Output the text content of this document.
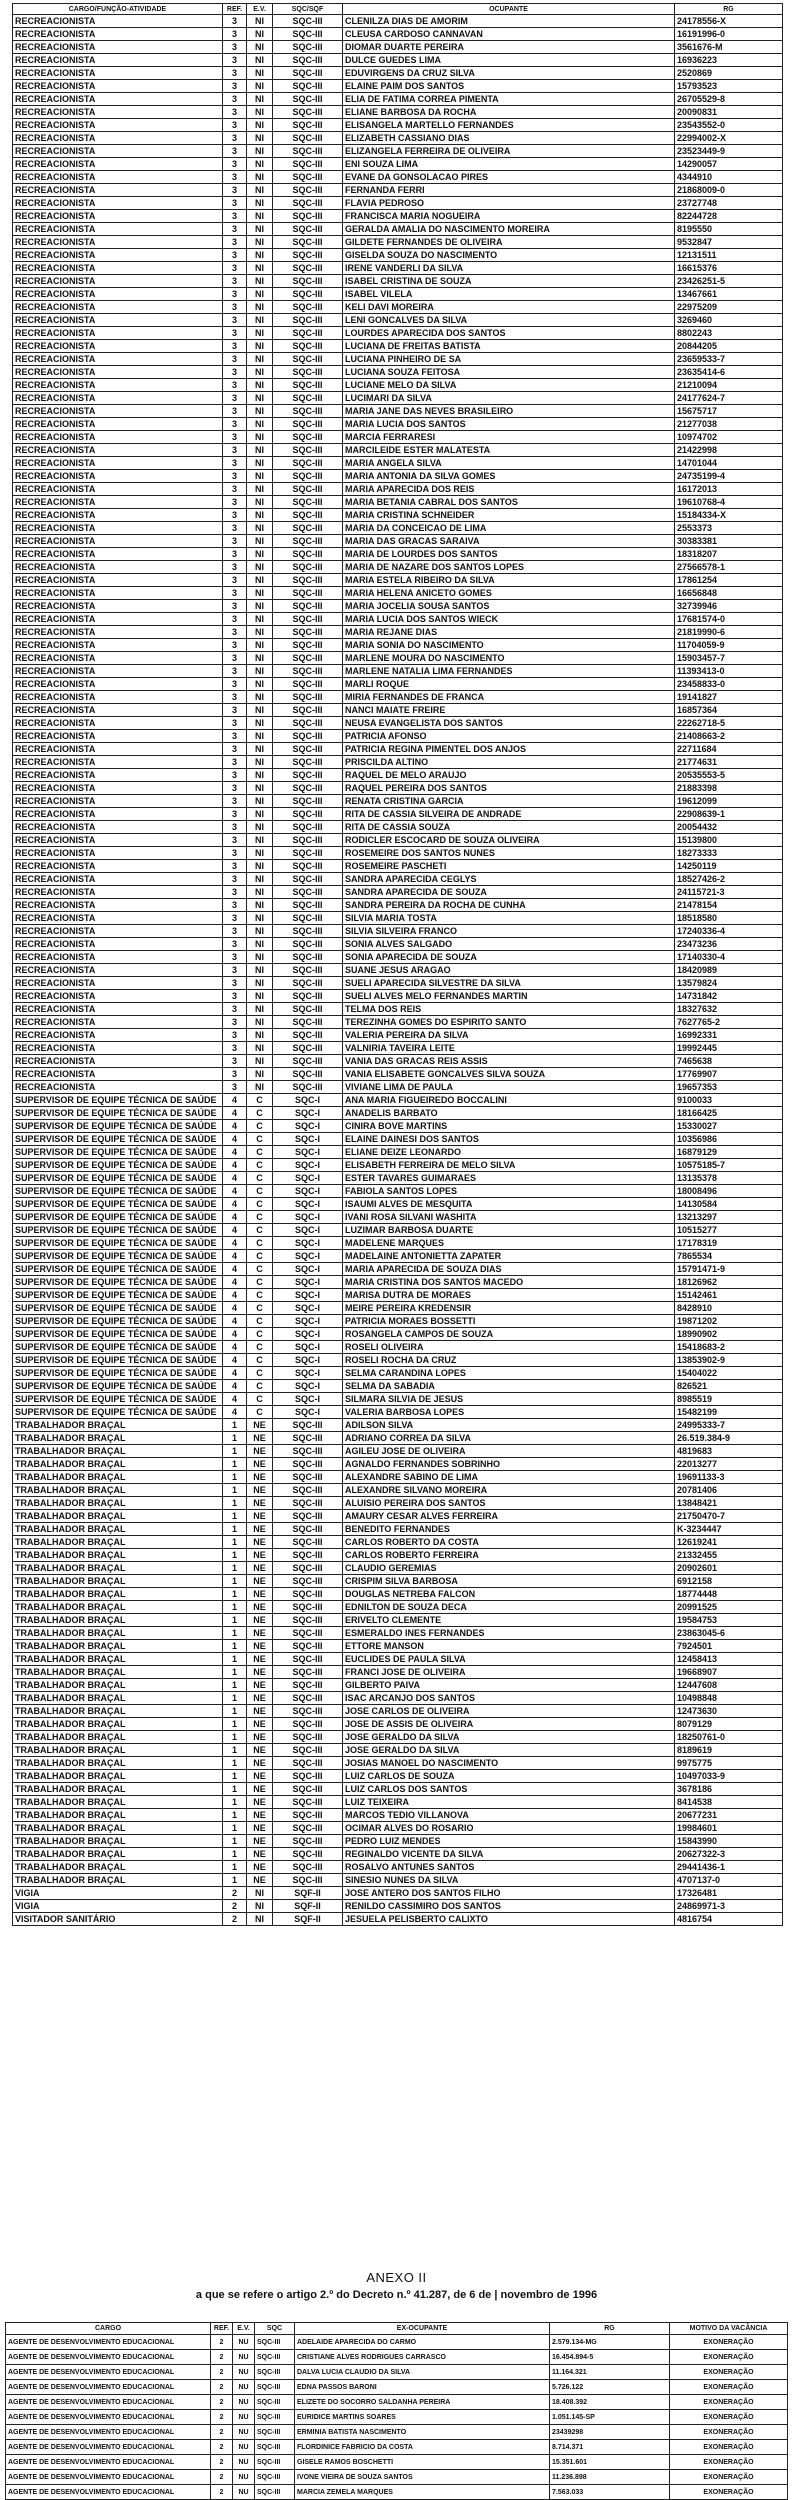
CARGO/FUNÇÃO-ATIVIDADE	REF.	E.V.	SQC/SQF	OCUPANTE	RG
RECREACIONISTA	3	NI	SQC-III	CLENILZA DIAS DE AMORIM	24178556-X
RECREACIONISTA	3	NI	SQC-III	CLEUSA CARDOSO CANNAVAN	16191996-0
RECREACIONISTA	3	NI	SQC-III	DIOMAR DUARTE PEREIRA	3561676-M
RECREACIONISTA	3	NI	SQC-III	DULCE GUEDES LIMA	16936223
RECREACIONISTA	3	NI	SQC-III	EDUVIRGENS DA CRUZ SILVA	2520869
RECREACIONISTA	3	NI	SQC-III	ELAINE PAIM DOS SANTOS	15793523
RECREACIONISTA	3	NI	SQC-III	ELIA DE FATIMA CORREA PIMENTA	26705529-8
RECREACIONISTA	3	NI	SQC-III	ELIANE BARBOSA DA ROCHA	20090831
RECREACIONISTA	3	NI	SQC-III	ELISANGELA MARTELLO FERNANDES	23543552-0
RECREACIONISTA	3	NI	SQC-III	ELIZABETH CASSIANO DIAS	22994002-X
RECREACIONISTA	3	NI	SQC-III	ELIZANGELA FERREIRA DE OLIVEIRA	23523449-9
RECREACIONISTA	3	NI	SQC-III	ENI SOUZA LIMA	14290057
RECREACIONISTA	3	NI	SQC-III	EVANE DA GONSOLACAO PIRES	4344910
RECREACIONISTA	3	NI	SQC-III	FERNANDA FERRI	21868009-0
RECREACIONISTA	3	NI	SQC-III	FLAVIA PEDROSO	23727748
RECREACIONISTA	3	NI	SQC-III	FRANCISCA MARIA NOGUEIRA	82244728
RECREACIONISTA	3	NI	SQC-III	GERALDA AMALIA DO NASCIMENTO MOREIRA	8195550
RECREACIONISTA	3	NI	SQC-III	GILDETE FERNANDES DE OLIVEIRA	9532847
RECREACIONISTA	3	NI	SQC-III	GISELDA SOUZA DO NASCIMENTO	12131511
RECREACIONISTA	3	NI	SQC-III	IRENE VANDERLI DA SILVA	16615376
RECREACIONISTA	3	NI	SQC-III	ISABEL CRISTINA DE SOUZA	23426251-5
RECREACIONISTA	3	NI	SQC-III	ISABEL VILELA	13467661
RECREACIONISTA	3	NI	SQC-III	KELI DAVI MOREIRA	22975209
RECREACIONISTA	3	NI	SQC-III	LENI GONCALVES DA SILVA	3269460
RECREACIONISTA	3	NI	SQC-III	LOURDES APARECIDA DOS SANTOS	8802243
RECREACIONISTA	3	NI	SQC-III	LUCIANA DE FREITAS BATISTA	20844205
RECREACIONISTA	3	NI	SQC-III	LUCIANA PINHEIRO DE SA	23659533-7
RECREACIONISTA	3	NI	SQC-III	LUCIANA SOUZA FEITOSA	23635414-6
RECREACIONISTA	3	NI	SQC-III	LUCIANE MELO DA SILVA	21210094
RECREACIONISTA	3	NI	SQC-III	LUCIMARI DA SILVA	24177624-7
RECREACIONISTA	3	NI	SQC-III	MARIA JANE DAS NEVES BRASILEIRO	15675717
RECREACIONISTA	3	NI	SQC-III	MARIA LUCIA DOS SANTOS	21277038
RECREACIONISTA	3	NI	SQC-III	MARCIA FERRARESI	10974702
RECREACIONISTA	3	NI	SQC-III	MARCILEIDE ESTER MALATESTA	21422998
RECREACIONISTA	3	NI	SQC-III	MARIA ANGELA SILVA	14701044
RECREACIONISTA	3	NI	SQC-III	MARIA ANTONIA DA SILVA GOMES	24735199-4
RECREACIONISTA	3	NI	SQC-III	MARIA APARECIDA DOS REIS	16172013
RECREACIONISTA	3	NI	SQC-III	MARIA BETANIA CABRAL DOS SANTOS	19610768-4
RECREACIONISTA	3	NI	SQC-III	MARIA CRISTINA SCHNEIDER	15184334-X
RECREACIONISTA	3	NI	SQC-III	MARIA DA CONCEICAO DE LIMA	2553373
RECREACIONISTA	3	NI	SQC-III	MARIA DAS GRACAS SARAIVA	30383381
RECREACIONISTA	3	NI	SQC-III	MARIA DE LOURDES DOS SANTOS	18318207
RECREACIONISTA	3	NI	SQC-III	MARIA DE NAZARE DOS SANTOS LOPES	27566578-1
RECREACIONISTA	3	NI	SQC-III	MARIA ESTELA RIBEIRO DA SILVA	17861254
RECREACIONISTA	3	NI	SQC-III	MARIA HELENA ANICETO GOMES	16656848
RECREACIONISTA	3	NI	SQC-III	MARIA JOCELIA SOUSA SANTOS	32739946
RECREACIONISTA	3	NI	SQC-III	MARIA LUCIA DOS SANTOS WIECK	17681574-0
RECREACIONISTA	3	NI	SQC-III	MARIA REJANE DIAS	21819990-6
RECREACIONISTA	3	NI	SQC-III	MARIA SONIA DO NASCIMENTO	11704059-9
RECREACIONISTA	3	NI	SQC-III	MARLENE MOURA DO NASCIMENTO	15903457-7
RECREACIONISTA	3	NI	SQC-III	MARLENE NATALIA LIMA FERNANDES	11393413-0
RECREACIONISTA	3	NI	SQC-III	MARLI ROQUE	23458833-0
RECREACIONISTA	3	NI	SQC-III	MIRIA FERNANDES DE FRANCA	19141827
RECREACIONISTA	3	NI	SQC-III	NANCI MAIATE FREIRE	16857364
RECREACIONISTA	3	NI	SQC-III	NEUSA EVANGELISTA DOS SANTOS	22262718-5
RECREACIONISTA	3	NI	SQC-III	PATRICIA AFONSO	21408663-2
RECREACIONISTA	3	NI	SQC-III	PATRICIA REGINA PIMENTEL DOS ANJOS	22711684
RECREACIONISTA	3	NI	SQC-III	PRISCILDA ALTINO	21774631
RECREACIONISTA	3	NI	SQC-III	RAQUEL DE MELO ARAUJO	20535553-5
RECREACIONISTA	3	NI	SQC-III	RAQUEL PEREIRA DOS SANTOS	21883398
RECREACIONISTA	3	NI	SQC-III	RENATA CRISTINA GARCIA	19612099
RECREACIONISTA	3	NI	SQC-III	RITA DE CASSIA SILVEIRA DE ANDRADE	22908639-1
RECREACIONISTA	3	NI	SQC-III	RITA DE CASSIA SOUZA	20054432
RECREACIONISTA	3	NI	SQC-III	RODICLER ESCOCARD DE SOUZA OLIVEIRA	15139800
RECREACIONISTA	3	NI	SQC-III	ROSEMEIRE DOS SANTOS NUNES	18273333
RECREACIONISTA	3	NI	SQC-III	ROSEMEIRE PASCHETI	14250119
RECREACIONISTA	3	NI	SQC-III	SANDRA APARECIDA CEGLYS	18527426-2
RECREACIONISTA	3	NI	SQC-III	SANDRA APARECIDA DE SOUZA	24115721-3
RECREACIONISTA	3	NI	SQC-III	SANDRA PEREIRA DA ROCHA DE CUNHA	21478154
RECREACIONISTA	3	NI	SQC-III	SILVIA MARIA TOSTA	18518580
RECREACIONISTA	3	NI	SQC-III	SILVIA SILVEIRA FRANCO	17240336-4
RECREACIONISTA	3	NI	SQC-III	SONIA ALVES SALGADO	23473236
RECREACIONISTA	3	NI	SQC-III	SONIA APARECIDA DE SOUZA	17140330-4
RECREACIONISTA	3	NI	SQC-III	SUANE JESUS ARAGAO	18420989
RECREACIONISTA	3	NI	SQC-III	SUELI APARECIDA SILVESTRE DA SILVA	13579824
RECREACIONISTA	3	NI	SQC-III	SUELI ALVES MELO FERNANDES MARTIN	14731842
RECREACIONISTA	3	NI	SQC-III	TELMA DOS REIS	18327632
RECREACIONISTA	3	NI	SQC-III	TEREZINHA GOMES DO ESPIRITO SANTO	7627765-2
RECREACIONISTA	3	NI	SQC-III	VALERIA PEREIRA DA SILVA	16992331
RECREACIONISTA	3	NI	SQC-III	VALNIRIA TAVEIRA LEITE	19992445
RECREACIONISTA	3	NI	SQC-III	VANIA DAS GRACAS REIS ASSIS	7465638
RECREACIONISTA	3	NI	SQC-III	VANIA ELISABETE GONCALVES SILVA SOUZA	17769907
RECREACIONISTA	3	NI	SQC-III	VIVIANE LIMA DE PAULA	19657353
SUPERVISOR DE EQUIPE TÉCNICA DE SAÚDE	4	C	SQC-I	ANA MARIA FIGUEIREDO BOCCALINI	9100033
SUPERVISOR DE EQUIPE TÉCNICA DE SAÚDE	4	C	SQC-I	ANADELIS BARBATO	18166425
SUPERVISOR DE EQUIPE TÉCNICA DE SAÚDE	4	C	SQC-I	CINIRA BOVE MARTINS	15330027
SUPERVISOR DE EQUIPE TÉCNICA DE SAÚDE	4	C	SQC-I	ELAINE DAINESI DOS SANTOS	10356986
SUPERVISOR DE EQUIPE TÉCNICA DE SAÚDE	4	C	SQC-I	ELIANE DEIZE LEONARDO	16879129
SUPERVISOR DE EQUIPE TÉCNICA DE SAÚDE	4	C	SQC-I	ELISABETH FERREIRA DE MELO SILVA	10575185-7
SUPERVISOR DE EQUIPE TÉCNICA DE SAÚDE	4	C	SQC-I	ESTER TAVARES GUIMARAES	13135378
SUPERVISOR DE EQUIPE TÉCNICA DE SAÚDE	4	C	SQC-I	FABIOLA SANTOS LOPES	18008496
SUPERVISOR DE EQUIPE TÉCNICA DE SAÚDE	4	C	SQC-I	ISAUMI ALVES DE MESQUITA	14130584
SUPERVISOR DE EQUIPE TÉCNICA DE SAÚDE	4	C	SQC-I	IVANI ROSA SILVANI WASHITA	13213297
SUPERVISOR DE EQUIPE TÉCNICA DE SAÚDE	4	C	SQC-I	LUZIMAR BARBOSA DUARTE	10515277
SUPERVISOR DE EQUIPE TÉCNICA DE SAÚDE	4	C	SQC-I	MADELENE MARQUES	17178319
SUPERVISOR DE EQUIPE TÉCNICA DE SAÚDE	4	C	SQC-I	MADELAINE ANTONIETTA ZAPATER	7865534
SUPERVISOR DE EQUIPE TÉCNICA DE SAÚDE	4	C	SQC-I	MARIA APARECIDA DE SOUZA DIAS	15791471-9
SUPERVISOR DE EQUIPE TÉCNICA DE SAÚDE	4	C	SQC-I	MARIA CRISTINA DOS SANTOS MACEDO	18126962
SUPERVISOR DE EQUIPE TÉCNICA DE SAÚDE	4	C	SQC-I	MARISA DUTRA DE MORAES	15142461
SUPERVISOR DE EQUIPE TÉCNICA DE SAÚDE	4	C	SQC-I	MEIRE PEREIRA KREDENSIR	8428910
SUPERVISOR DE EQUIPE TÉCNICA DE SAÚDE	4	C	SQC-I	PATRICIA MORAES BOSSETTI	19871202
SUPERVISOR DE EQUIPE TÉCNICA DE SAÚDE	4	C	SQC-I	ROSANGELA CAMPOS DE SOUZA	18990902
SUPERVISOR DE EQUIPE TÉCNICA DE SAÚDE	4	C	SQC-I	ROSELI OLIVEIRA	15418683-2
SUPERVISOR DE EQUIPE TÉCNICA DE SAÚDE	4	C	SQC-I	ROSELI ROCHA DA CRUZ	13853902-9
SUPERVISOR DE EQUIPE TÉCNICA DE SAÚDE	4	C	SQC-I	SELMA CARANDINA LOPES	15404022
SUPERVISOR DE EQUIPE TÉCNICA DE SAÚDE	4	C	SQC-I	SELMA DA SABADIA	826521
SUPERVISOR DE EQUIPE TÉCNICA DE SAÚDE	4	C	SQC-I	SILMARA SILVIA DE JESUS	8985519
SUPERVISOR DE EQUIPE TÉCNICA DE SAÚDE	4	C	SQC-I	VALERIA BARBOSA LOPES	15482199
TRABALHADOR BRAÇAL	1	NE	SQC-III	ADILSON SILVA	24995333-7
TRABALHADOR BRAÇAL	1	NE	SQC-III	ADRIANO CORREA DA SILVA	26.519.384-9
TRABALHADOR BRAÇAL	1	NE	SQC-III	AGILEU JOSE DE OLIVEIRA	4819683
TRABALHADOR BRAÇAL	1	NE	SQC-III	AGNALDO FERNANDES SOBRINHO	22013277
TRABALHADOR BRAÇAL	1	NE	SQC-III	ALEXANDRE SABINO DE LIMA	19691133-3
TRABALHADOR BRAÇAL	1	NE	SQC-III	ALEXANDRE SILVANO MOREIRA	20781406
TRABALHADOR BRAÇAL	1	NE	SQC-III	ALUISIO PEREIRA DOS SANTOS	13848421
TRABALHADOR BRAÇAL	1	NE	SQC-III	AMAURY CESAR ALVES FERREIRA	21750470-7
TRABALHADOR BRAÇAL	1	NE	SQC-III	BENEDITO FERNANDES	K-3234447
TRABALHADOR BRAÇAL	1	NE	SQC-III	CARLOS ROBERTO DA COSTA	12619241
TRABALHADOR BRAÇAL	1	NE	SQC-III	CARLOS ROBERTO FERREIRA	21332455
TRABALHADOR BRAÇAL	1	NE	SQC-III	CLAUDIO GEREMIAS	20902601
TRABALHADOR BRAÇAL	1	NE	SQC-III	CRISPIM SILVA BARBOSA	6912158
TRABALHADOR BRAÇAL	1	NE	SQC-III	DOUGLAS NETREBA FALCON	18774448
TRABALHADOR BRAÇAL	1	NE	SQC-III	EDNILTON DE SOUZA DECA	20991525
TRABALHADOR BRAÇAL	1	NE	SQC-III	ERIVELTO CLEMENTE	19584753
TRABALHADOR BRAÇAL	1	NE	SQC-III	ESMERALDO INES FERNANDES	23863045-6
TRABALHADOR BRAÇAL	1	NE	SQC-III	ETTORE MANSON	7924501
TRABALHADOR BRAÇAL	1	NE	SQC-III	EUCLIDES DE PAULA SILVA	12458413
TRABALHADOR BRAÇAL	1	NE	SQC-III	FRANCI JOSE DE OLIVEIRA	19668907
TRABALHADOR BRAÇAL	1	NE	SQC-III	GILBERTO PAIVA	12447608
TRABALHADOR BRAÇAL	1	NE	SQC-III	ISAC ARCANJO DOS SANTOS	10498848
TRABALHADOR BRAÇAL	1	NE	SQC-III	JOSE CARLOS DE OLIVEIRA	12473630
TRABALHADOR BRAÇAL	1	NE	SQC-III	JOSE DE ASSIS DE OLIVEIRA	8079129
TRABALHADOR BRAÇAL	1	NE	SQC-III	JOSE GERALDO DA SILVA	18250761-0
TRABALHADOR BRAÇAL	1	NE	SQC-III	JOSE GERALDO DA SILVA	8189619
TRABALHADOR BRAÇAL	1	NE	SQC-III	JOSIAS MANOEL DO NASCIMENTO	9975775
TRABALHADOR BRAÇAL	1	NE	SQC-III	LUIZ CARLOS DE SOUZA	10497033-9
TRABALHADOR BRAÇAL	1	NE	SQC-III	LUIZ CARLOS DOS SANTOS	3678186
TRABALHADOR BRAÇAL	1	NE	SQC-III	LUIZ TEIXEIRA	8414538
TRABALHADOR BRAÇAL	1	NE	SQC-III	MARCOS TEDIO VILLANOVA	20677231
TRABALHADOR BRAÇAL	1	NE	SQC-III	OCIMAR ALVES DO ROSARIO	19984601
TRABALHADOR BRAÇAL	1	NE	SQC-III	PEDRO LUIZ MENDES	15843990
TRABALHADOR BRAÇAL	1	NE	SQC-III	REGINALDO VICENTE DA SILVA	20627322-3
TRABALHADOR BRAÇAL	1	NE	SQC-III	ROSALVO ANTUNES SANTOS	29441436-1
TRABALHADOR BRAÇAL	1	NE	SQC-III	SINESIO NUNES DA SILVA	4707137-0
VIGIA	2	NI	SQF-II	JOSE ANTERO DOS SANTOS FILHO	17326481
VIGIA	2	NI	SQF-II	RENILDO CASSIMIRO DOS SANTOS	24869971-3
VISITADOR SANITÁRIO	2	NI	SQF-II	JESUELA PELISBERTO CALIXTO	4816754
ANEXO II
a que se refere o artigo 2.º do Decreto n.º 41.287, de 6 de | novembro de 1996
CARGO	REF.	E.V.	SQC	EX-OCUPANTE	RG	MOTIVO DA VACÂNCIA
AGENTE DE DESENVOLVIMENTO EDUCACIONAL	2	NU	SQC-III	ADELAIDE APARECIDA DO CARMO	2.579.134-MG	EXONERAÇÃO
AGENTE DE DESENVOLVIMENTO EDUCACIONAL	2	NU	SQC-III	CRISTIANE ALVES RODRIGUES CARRASCO	16.454.894-5	EXONERAÇÃO
AGENTE DE DESENVOLVIMENTO EDUCACIONAL	2	NU	SQC-III	DALVA LUCIA CLAUDIO DA SILVA	11.164.321	EXONERAÇÃO
AGENTE DE DESENVOLVIMENTO EDUCACIONAL	2	NU	SQC-III	EDNA PASSOS BARONI	5.726.122	EXONERAÇÃO
AGENTE DE DESENVOLVIMENTO EDUCACIONAL	2	NU	SQC-III	ELIZETE DO SOCORRO SALDANHA PEREIRA	18.408.392	EXONERAÇÃO
AGENTE DE DESENVOLVIMENTO EDUCACIONAL	2	NU	SQC-III	EURIDICE MARTINS SOARES	1.051.145-SP	EXONERAÇÃO
AGENTE DE DESENVOLVIMENTO EDUCACIONAL	2	NU	SQC-III	ERMINIA BATISTA NASCIMENTO	23439298	EXONERAÇÃO
AGENTE DE DESENVOLVIMENTO EDUCACIONAL	2	NU	SQC-III	FLORDINICE FABRICIO DA COSTA	8.714.371	EXONERAÇÃO
AGENTE DE DESENVOLVIMENTO EDUCACIONAL	2	NU	SQC-III	GISELE RAMOS BOSCHETTI	15.351.601	EXONERAÇÃO
AGENTE DE DESENVOLVIMENTO EDUCACIONAL	2	NU	SQC-III	IVONE VIEIRA DE SOUZA SANTOS	11.236.898	EXONERAÇÃO
AGENTE DE DESENVOLVIMENTO EDUCACIONAL	2	NU	SQC-III	MARCIA ZEMELA MARQUES	7.563.033	EXONERAÇÃO
